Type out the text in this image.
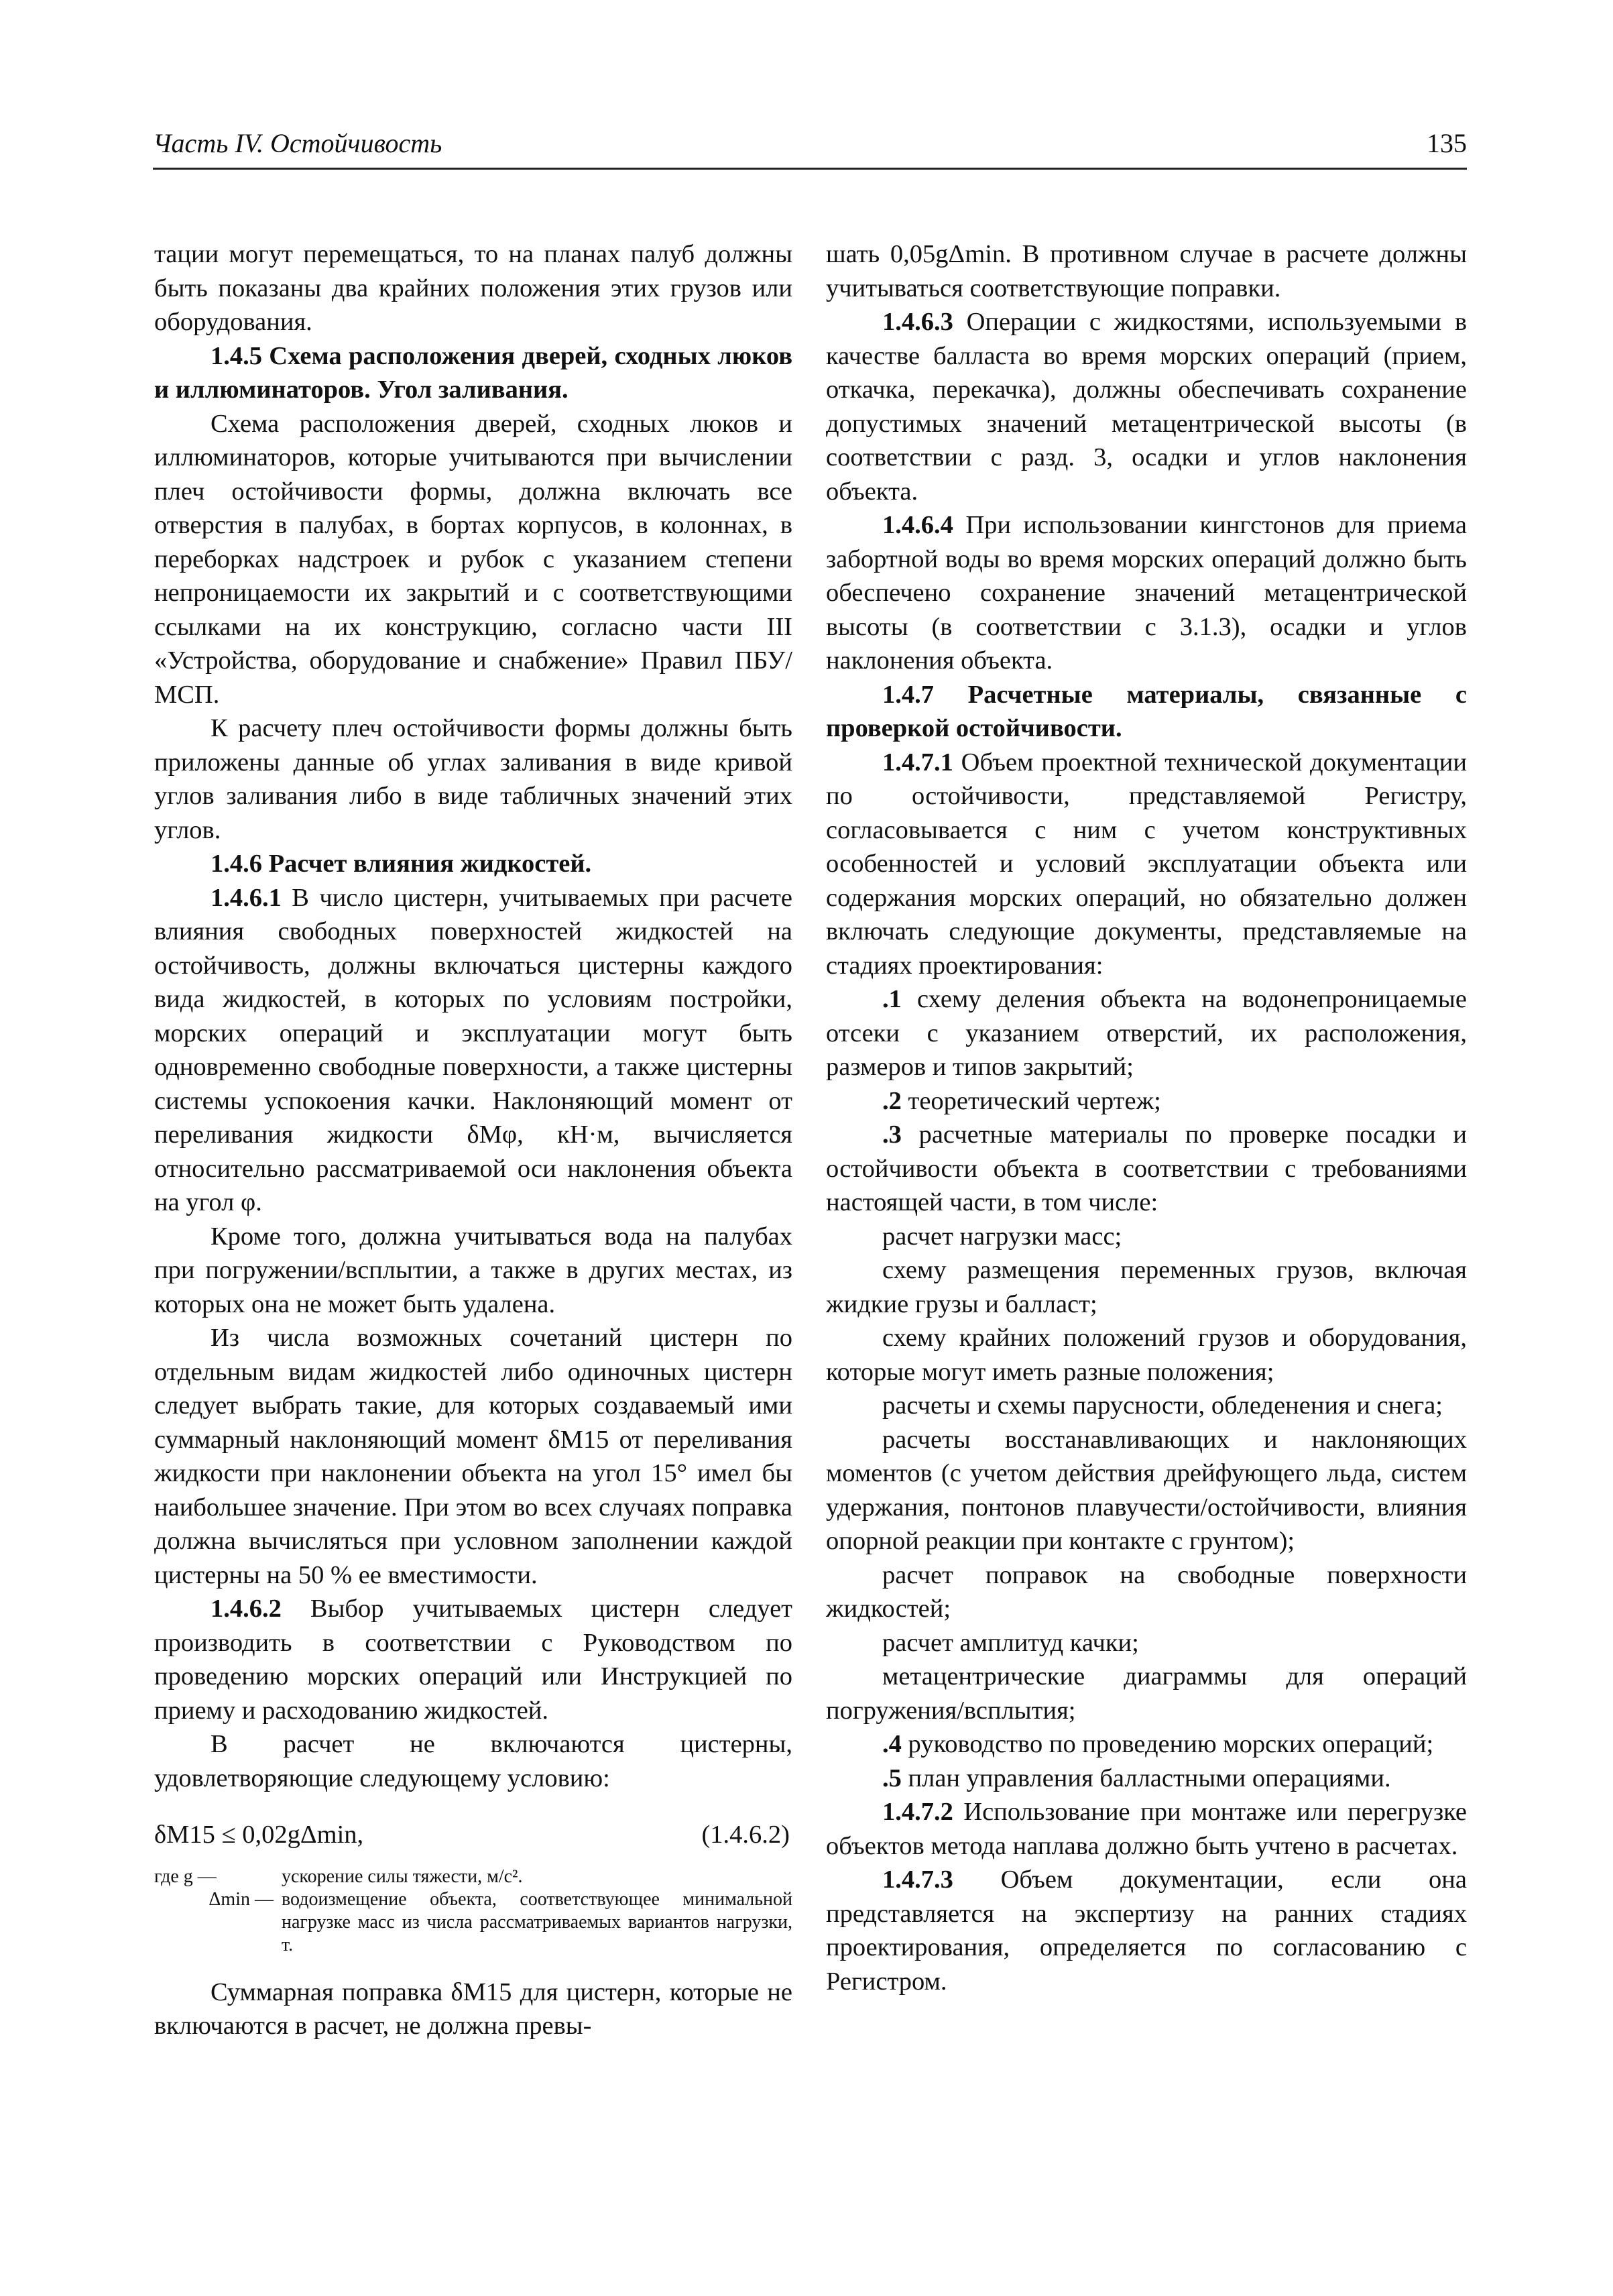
Часть IV. Остойчивость	135

тации могут перемещаться, то на планах палуб должны быть показаны два крайних положения этих грузов или оборудования.

1.4.5 Схема расположения дверей, сходных люков и иллюминаторов. Угол заливания.

Схема расположения дверей, сходных люков и иллюминаторов, которые учитываются при вычислении плеч остойчивости формы, должна включать все отверстия в палубах, в бортах корпусов, в колоннах, в переборках надстроек и рубок с указанием степени непроницаемости их закрытий и с соответствующими ссылками на их конструкцию, согласно части III «Устройства, оборудование и снабжение» Правил ПБУ/МСП.

К расчету плеч остойчивости формы должны быть приложены данные об углах заливания в виде кривой углов заливания либо в виде табличных значений этих углов.

1.4.6 Расчет влияния жидкостей.

1.4.6.1 В число цистерн, учитываемых при расчете влияния свободных поверхностей жидкостей на остойчивость, должны включаться цистерны каждого вида жидкостей, в которых по условиям постройки, морских операций и эксплуатации могут быть одновременно свободные поверхности, а также цистерны системы успокоения качки. Наклоняющий момент от переливания жидкости δMφ, кН·м, вычисляется относительно рассматриваемой оси наклонения объекта на угол φ.

Кроме того, должна учитываться вода на палубах при погружении/всплытии, а также в других местах, из которых она не может быть удалена.

Из числа возможных сочетаний цистерн по отдельным видам жидкостей либо одиночных цистерн следует выбрать такие, для которых создаваемый ими суммарный наклоняющий момент δM15 от переливания жидкости при наклонении объекта на угол 15° имел бы наибольшее значение. При этом во всех случаях поправка должна вычисляться при условном заполнении каждой цистерны на 50 % ее вместимости.

1.4.6.2 Выбор учитываемых цистерн следует производить в соответствии с Руководством по проведению морских операций или Инструкцией по приему и расходованию жидкостей.

В расчет не включаются цистерны, удовлетворяющие следующему условию:

δM15 ≤ 0,02gΔmin,	(1.4.6.2)
где g —	ускорение силы тяжести, м/с².
Δmin — водоизмещение объекта, соответствующее минимальной нагрузке масс из числа рассматриваемых вариантов нагрузки, т.

Суммарная поправка δM15 для цистерн, которые не включаются в расчет, не должна превы-

шать 0,05gΔmin. В противном случае в расчете должны учитываться соответствующие поправки.

1.4.6.3 Операции с жидкостями, используемыми в качестве балласта во время морских операций (прием, откачка, перекачка), должны обеспечивать сохранение допустимых значений метацентрической высоты (в соответствии с разд. 3, осадки и углов наклонения объекта.

1.4.6.4 При использовании кингстонов для приема забортной воды во время морских операций должно быть обеспечено сохранение значений метацентрической высоты (в соответствии с 3.1.3), осадки и углов наклонения объекта.

1.4.7 Расчетные материалы, связанные с проверкой остойчивости.

1.4.7.1 Объем проектной технической документации по остойчивости, представляемой Регистру, согласовывается с ним с учетом конструктивных особенностей и условий эксплуатации объекта или содержания морских операций, но обязательно должен включать следующие документы, представляемые на стадиях проектирования:

.1 схему деления объекта на водонепроницаемые отсеки с указанием отверстий, их расположения, размеров и типов закрытий;

.2 теоретический чертеж;

.3 расчетные материалы по проверке посадки и остойчивости объекта в соответствии с требованиями настоящей части, в том числе:

расчет нагрузки масс;

схему размещения переменных грузов, включая жидкие грузы и балласт;

схему крайних положений грузов и оборудования, которые могут иметь разные положения;

расчеты и схемы парусности, обледенения и снега;

расчеты восстанавливающих и наклоняющих моментов (с учетом действия дрейфующего льда, систем удержания, понтонов плавучести/остойчивости, влияния опорной реакции при контакте с грунтом);

расчет поправок на свободные поверхности жидкостей;

расчет амплитуд качки;

метацентрические диаграммы для операций погружения/всплытия;

.4 руководство по проведению морских операций;

.5 план управления балластными операциями.

1.4.7.2 Использование при монтаже или перегрузке объектов метода наплава должно быть учтено в расчетах.

1.4.7.3 Объем документации, если она представляется на экспертизу на ранних стадиях проектирования, определяется по согласованию с Регистром.
